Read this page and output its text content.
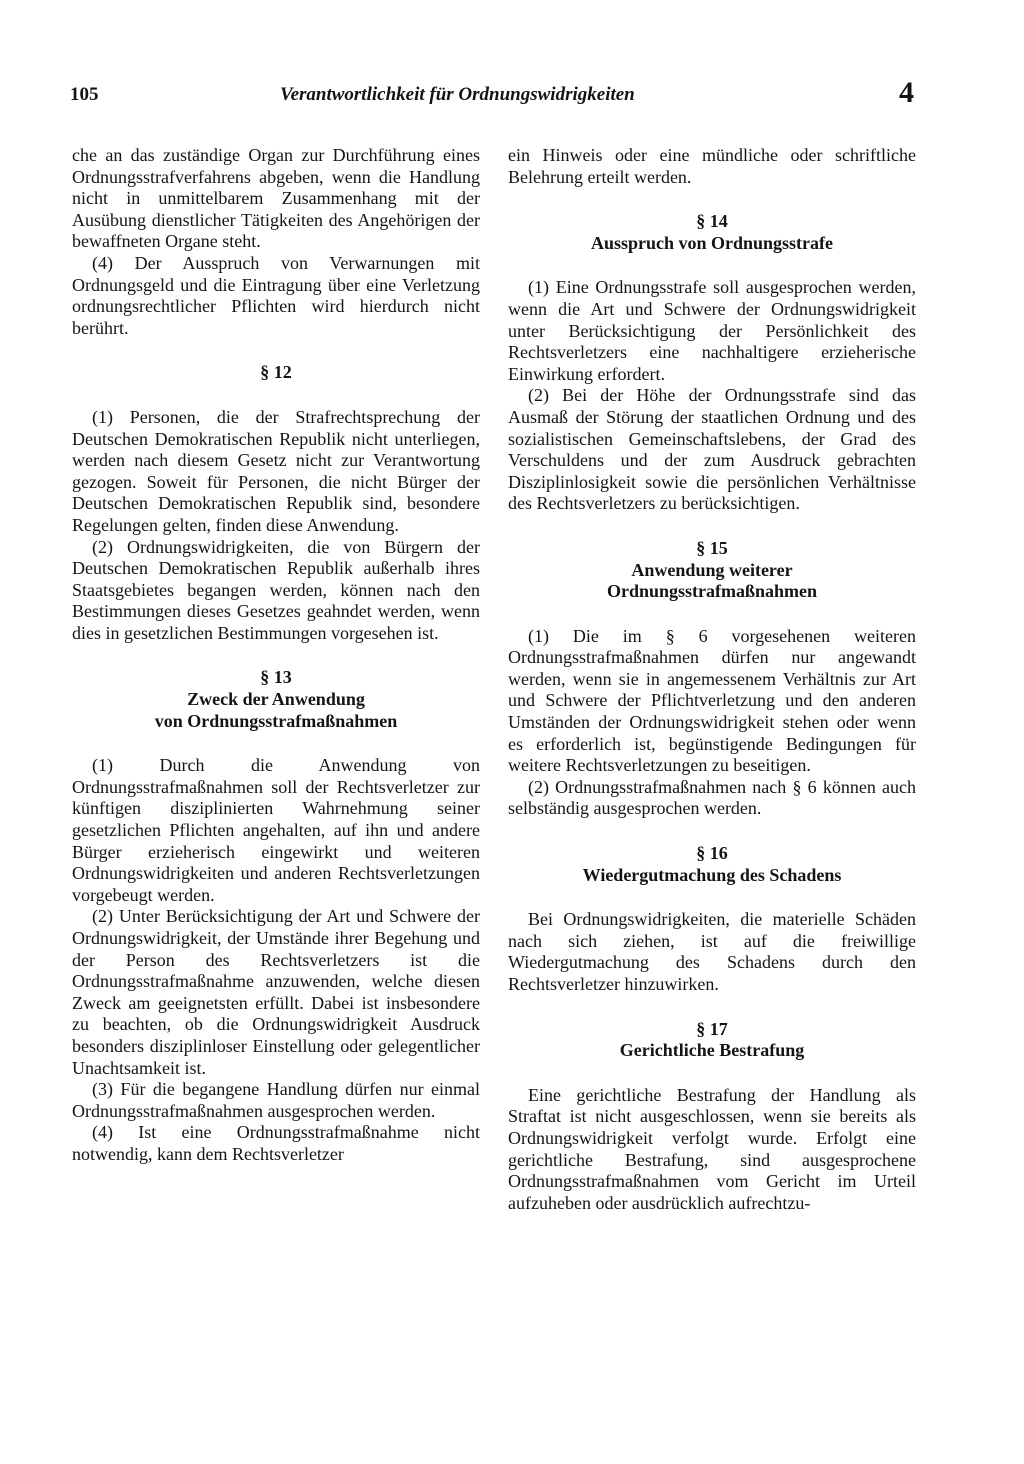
105	Verantwortlichkeit für Ordnungswidrigkeiten	4

che an das zuständige Organ zur Durchführung eines Ordnungsstrafverfahrens abgeben, wenn die Handlung nicht in unmittelbarem Zusammenhang mit der Ausübung dienstlicher Tätigkeiten des Angehörigen der bewaffneten Organe steht.

(4) Der Ausspruch von Verwarnungen mit Ordnungsgeld und die Eintragung über eine Verletzung ordnungsrechtlicher Pflichten wird hierdurch nicht berührt.

§ 12

(1) Personen, die der Strafrechtsprechung der Deutschen Demokratischen Republik nicht unterliegen, werden nach diesem Gesetz nicht zur Verantwortung gezogen. Soweit für Personen, die nicht Bürger der Deutschen Demokratischen Republik sind, besondere Regelungen gelten, finden diese Anwendung.

(2) Ordnungswidrigkeiten, die von Bürgern der Deutschen Demokratischen Republik außerhalb ihres Staatsgebietes begangen werden, können nach den Bestimmungen dieses Gesetzes geahndet werden, wenn dies in gesetzlichen Bestimmungen vorgesehen ist.

§ 13
Zweck der Anwendung
von Ordnungsstrafmaßnahmen

(1) Durch die Anwendung von Ordnungsstrafmaßnahmen soll der Rechtsverletzer zur künftigen disziplinierten Wahrnehmung seiner gesetzlichen Pflichten angehalten, auf ihn und andere Bürger erzieherisch eingewirkt und weiteren Ordnungswidrigkeiten und anderen Rechtsverletzungen vorgebeugt werden.

(2) Unter Berücksichtigung der Art und Schwere der Ordnungswidrigkeit, der Umstände ihrer Begehung und der Person des Rechtsverletzers ist die Ordnungsstrafmaßnahme anzuwenden, welche diesen Zweck am geeignetsten erfüllt. Dabei ist insbesondere zu beachten, ob die Ordnungswidrigkeit Ausdruck besonders disziplinloser Einstellung oder gelegentlicher Unachtsamkeit ist.

(3) Für die begangene Handlung dürfen nur einmal Ordnungsstrafmaßnahmen ausgesprochen werden.

(4) Ist eine Ordnungsstrafmaßnahme nicht notwendig, kann dem Rechtsverletzer

ein Hinweis oder eine mündliche oder schriftliche Belehrung erteilt werden.

§ 14
Ausspruch von Ordnungsstrafe

(1) Eine Ordnungsstrafe soll ausgesprochen werden, wenn die Art und Schwere der Ordnungswidrigkeit unter Berücksichtigung der Persönlichkeit des Rechtsverletzers eine nachhaltigere erzieherische Einwirkung erfordert.

(2) Bei der Höhe der Ordnungsstrafe sind das Ausmaß der Störung der staatlichen Ordnung und des sozialistischen Gemeinschaftslebens, der Grad des Verschuldens und der zum Ausdruck gebrachten Disziplinlosigkeit sowie die persönlichen Verhältnisse des Rechtsverletzers zu berücksichtigen.

§ 15
Anwendung weiterer
Ordnungsstrafmaßnahmen

(1) Die im § 6 vorgesehenen weiteren Ordnungsstrafmaßnahmen dürfen nur angewandt werden, wenn sie in angemessenem Verhältnis zur Art und Schwere der Pflichtverletzung und den anderen Umständen der Ordnungswidrigkeit stehen oder wenn es erforderlich ist, begünstigende Bedingungen für weitere Rechtsverletzungen zu beseitigen.

(2) Ordnungsstrafmaßnahmen nach § 6 können auch selbständig ausgesprochen werden.

§ 16
Wiedergutmachung des Schadens

Bei Ordnungswidrigkeiten, die materielle Schäden nach sich ziehen, ist auf die freiwillige Wiedergutmachung des Schadens durch den Rechtsverletzer hinzuwirken.

§ 17
Gerichtliche Bestrafung

Eine gerichtliche Bestrafung der Handlung als Straftat ist nicht ausgeschlossen, wenn sie bereits als Ordnungswidrigkeit verfolgt wurde. Erfolgt eine gerichtliche Bestrafung, sind ausgesprochene Ordnungsstrafmaßnahmen vom Gericht im Urteil aufzuheben oder ausdrücklich aufrechtzu-
